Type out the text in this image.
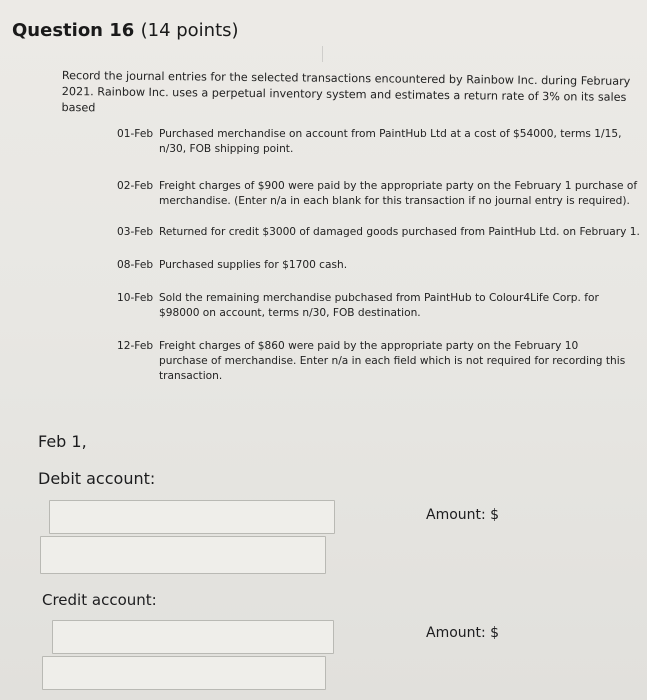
Question 16 (14 points)
Record the journal entries for the selected transactions encountered by Rainbow Inc. during February 2021. Rainbow Inc. uses a perpetual inventory system and estimates a return rate of 3% on its sales based
01-Feb Purchased merchandise on account from PaintHub Ltd at a cost of $54000, terms 1/15, n/30, FOB shipping point.
02-Feb Freight charges of $900 were paid by the appropriate party on the February 1 purchase of merchandise. (Enter n/a in each blank for this transaction if no journal entry is required).
03-Feb Returned for credit $3000 of damaged goods purchased from PaintHub Ltd. on February 1.
08-Feb Purchased supplies for $1700 cash.
10-Feb Sold the remaining merchandise pubchased from PaintHub to Colour4Life Corp. for $98000 on account, terms n/30, FOB destination.
12-Feb Freight charges of $860 were paid by the appropriate party on the February 10 purchase of merchandise. Enter n/a in each field which is not required for recording this transaction.
Feb 1,
Debit account:
Amount: $
Credit account:
Amount: $
